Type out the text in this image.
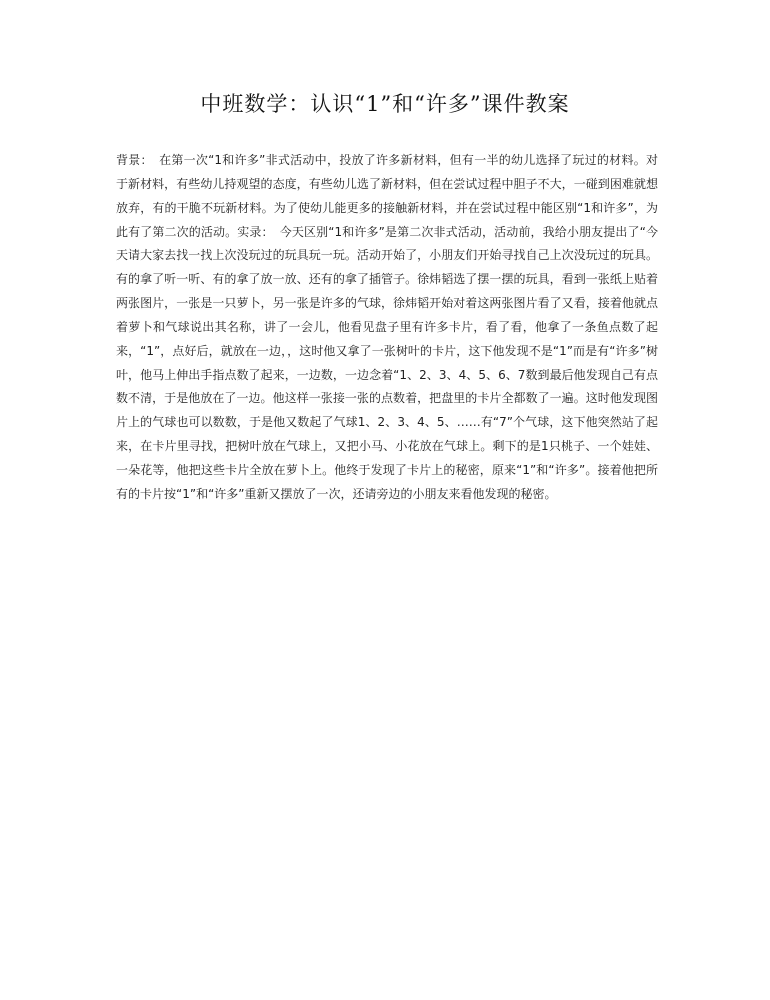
中班数学：认识“1”和“许多”课件教案

背景：　在第一次“1和许多”非式活动中，投放了许多新材料，但有一半的幼儿选择了玩过的材料。对于新材料，有些幼儿持观望的态度，有些幼儿选了新材料，但在尝试过程中胆子不大，一碰到困难就想放弃，有的干脆不玩新材料。为了使幼儿能更多的接触新材料，并在尝试过程中能区别“1和许多”，为此有了第二次的活动。实录：　今天区别“1和许多”是第二次非式活动，活动前，我给小朋友提出了“今天请大家去找一找上次没玩过的玩具玩一玩。活动开始了，小朋友们开始寻找自己上次没玩过的玩具。有的拿了听一听、有的拿了放一放、还有的拿了插管子。徐炜韬选了摆一摆的玩具，看到一张纸上贴着两张图片，一张是一只萝卜，另一张是许多的气球，徐炜韬开始对着这两张图片看了又看，接着他就点着萝卜和气球说出其名称，讲了一会儿，他看见盘子里有许多卡片，看了看，他拿了一条鱼点数了起来，“1”，点好后，就放在一边，，这时他又拿了一张树叶的卡片，这下他发现不是“1”而是有“许多”树叶，他马上伸出手指点数了起来，一边数，一边念着“1、2、3、4、5、6、7数到最后他发现自己有点数不清，于是他放在了一边。他这样一张接一张的点数着，把盘里的卡片全都数了一遍。这时他发现图片上的气球也可以数数，于是他又数起了气球1、2、3、4、5、……有“7”个气球，这下他突然站了起来，在卡片里寻找，把树叶放在气球上，又把小马、小花放在气球上。剩下的是1只桃子、一个娃娃、一朵花等，他把这些卡片全放在萝卜上。他终于发现了卡片上的秘密，原来“1”和“许多”。接着他把所有的卡片按“1”和“许多”重新又摆放了一次，还请旁边的小朋友来看他发现的秘密。
